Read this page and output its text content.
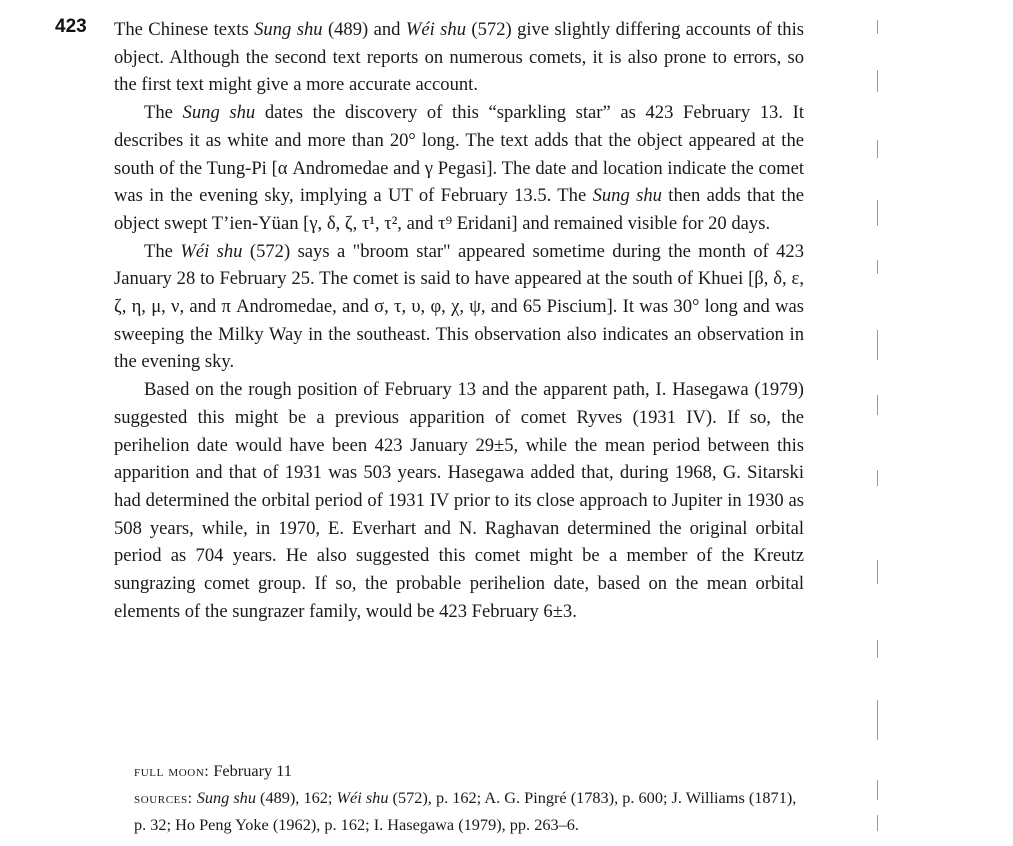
423 The Chinese texts Sung shu (489) and Wéi shu (572) give slightly differing accounts of this object. Although the second text reports on numerous comets, it is also prone to errors, so the first text might give a more accurate account.

The Sung shu dates the discovery of this “sparkling star” as 423 February 13. It describes it as white and more than 20° long. The text adds that the object appeared at the south of the Tung-Pi [α Andromedae and γ Pegasi]. The date and location indicate the comet was in the evening sky, implying a UT of February 13.5. The Sung shu then adds that the object swept T’ien-Yüan [γ, δ, ζ, τ¹, τ², and τ⁹ Eridani] and remained visible for 20 days.

The Wéi shu (572) says a "broom star" appeared sometime during the month of 423 January 28 to February 25. The comet is said to have appeared at the south of Khuei [β, δ, ε, ζ, η, μ, ν, and π Andromedae, and σ, τ, υ, φ, χ, ψ, and 65 Piscium]. It was 30° long and was sweeping the Milky Way in the southeast. This observation also indicates an observation in the evening sky.

Based on the rough position of February 13 and the apparent path, I. Hasegawa (1979) suggested this might be a previous apparition of comet Ryves (1931 IV). If so, the perihelion date would have been 423 January 29±5, while the mean period between this apparition and that of 1931 was 503 years. Hasegawa added that, during 1968, G. Sitarski had determined the orbital period of 1931 IV prior to its close approach to Jupiter in 1930 as 508 years, while, in 1970, E. Everhart and N. Raghavan determined the original orbital period as 704 years. He also suggested this comet might be a member of the Kreutz sungrazing comet group. If so, the probable perihelion date, based on the mean orbital elements of the sungrazer family, would be 423 February 6±3.

full moon: February 11

sources: Sung shu (489), 162; Wéi shu (572), p. 162; A. G. Pingré (1783), p. 600; J. Williams (1871), p. 32; Ho Peng Yoke (1962), p. 162; I. Hasegawa (1979), pp. 263–6.
